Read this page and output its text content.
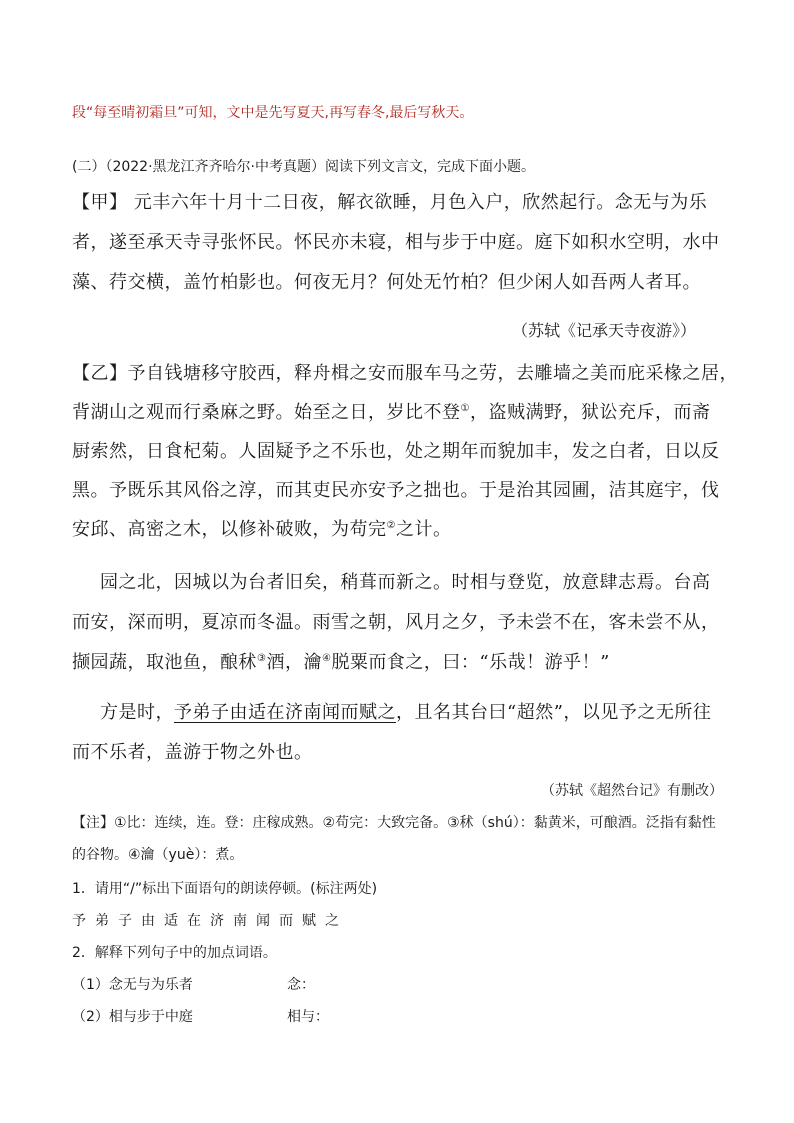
段“每至晴初霜旦”可知，文中是先写夏天,再写春冬,最后写秋天。
(二）（2022·黑龙江齐齐哈尔·中考真题）阅读下列文言文，完成下面小题。
【甲】 元丰六年十月十二日夜，解衣欲睡，月色入户，欣然起行。念无与为乐
者，遂至承天寺寻张怀民。怀民亦未寝，相与步于中庭。庭下如积水空明，水中
藻、荇交横，盖竹柏影也。何夜无月？何处无竹柏？但少闲人如吾两人者耳。
（苏轼《记承天寺夜游》）
【乙】予自钱塘移守胶西，释舟楫之安而服车马之劳，去雕墙之美而庇采椽之居，
背湖山之观而行桑麻之野。始至之日，岁比不登①，盗贼满野，狱讼充斥，而斋
厨索然，日食杞菊。人固疑予之不乐也，处之期年而貌加丰，发之白者，日以反
黑。予既乐其风俗之淳，而其吏民亦安予之拙也。于是治其园圃，洁其庭宇，伐
安邱、高密之木，以修补破败，为苟完②之计。
园之北，因城以为台者旧矣，稍葺而新之。时相与登览，放意肆志焉。台高
而安，深而明，夏凉而冬温。雨雪之朝，风月之夕，予未尝不在，客未尝不从，
撷园蔬，取池鱼，酿秫③酒，瀹④脱粟而食之，曰：“乐哉！游乎！”
方是时，予弟子由适在济南闻而赋之，且名其台曰“超然”，以见予之无所往
而不乐者，盖游于物之外也。
（苏轼《超然台记》有删改）
【注】①比：连续，连。登：庄稼成熟。②苟完：大致完备。③秫（shú）：黏黄米，可酿酒。泛指有黏性
的谷物。④瀹（yuè）：煮。
1．请用“/”标出下面语句的朗读停顿。(标注两处)
予弟子由适在济南闻而赋之
2．解释下列句子中的加点词语。
（1）念无与为乐者	念：
（2）相与步于中庭	相与：
